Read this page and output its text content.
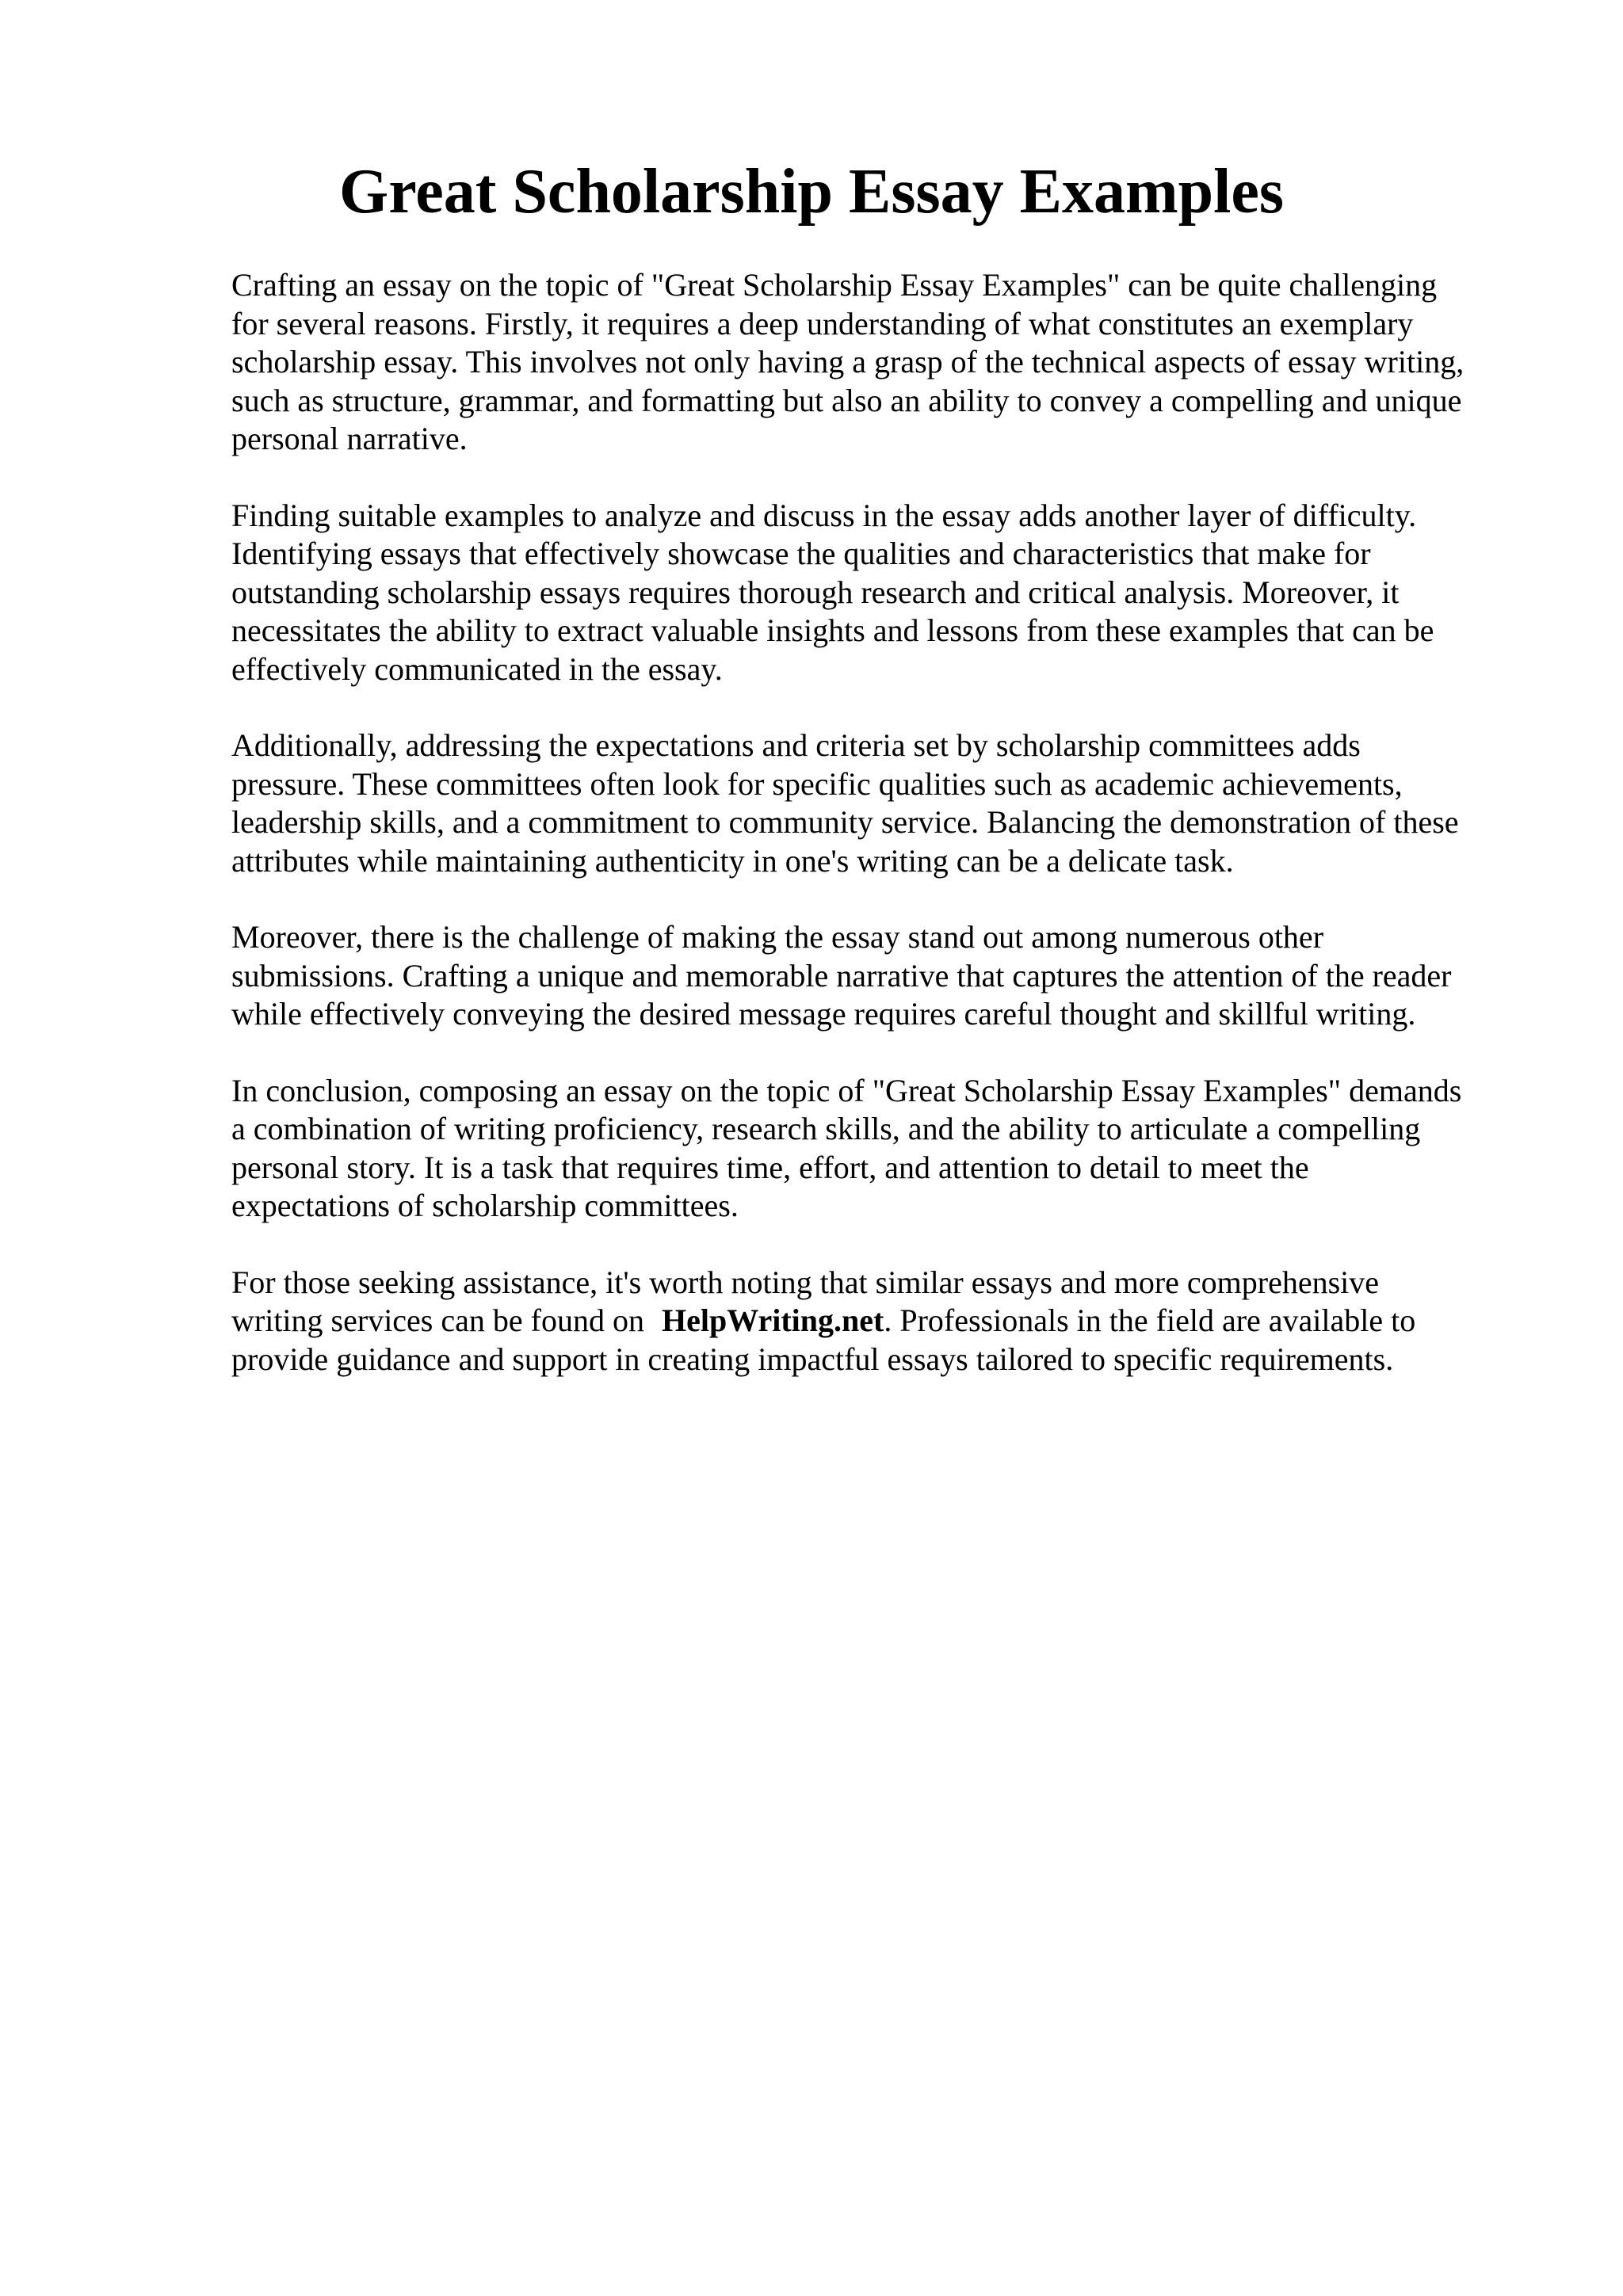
Great Scholarship Essay Examples

Crafting an essay on the topic of "Great Scholarship Essay Examples" can be quite challenging
for several reasons. Firstly, it requires a deep understanding of what constitutes an exemplary
scholarship essay. This involves not only having a grasp of the technical aspects of essay writing,
such as structure, grammar, and formatting but also an ability to convey a compelling and unique
personal narrative.

Finding suitable examples to analyze and discuss in the essay adds another layer of difficulty.
Identifying essays that effectively showcase the qualities and characteristics that make for
outstanding scholarship essays requires thorough research and critical analysis. Moreover, it
necessitates the ability to extract valuable insights and lessons from these examples that can be
effectively communicated in the essay.

Additionally, addressing the expectations and criteria set by scholarship committees adds
pressure. These committees often look for specific qualities such as academic achievements,
leadership skills, and a commitment to community service. Balancing the demonstration of these
attributes while maintaining authenticity in one's writing can be a delicate task.

Moreover, there is the challenge of making the essay stand out among numerous other
submissions. Crafting a unique and memorable narrative that captures the attention of the reader
while effectively conveying the desired message requires careful thought and skillful writing.

In conclusion, composing an essay on the topic of "Great Scholarship Essay Examples" demands
a combination of writing proficiency, research skills, and the ability to articulate a compelling
personal story. It is a task that requires time, effort, and attention to detail to meet the
expectations of scholarship committees.

For those seeking assistance, it's worth noting that similar essays and more comprehensive
writing services can be found on HelpWriting.net. Professionals in the field are available to
provide guidance and support in creating impactful essays tailored to specific requirements.
